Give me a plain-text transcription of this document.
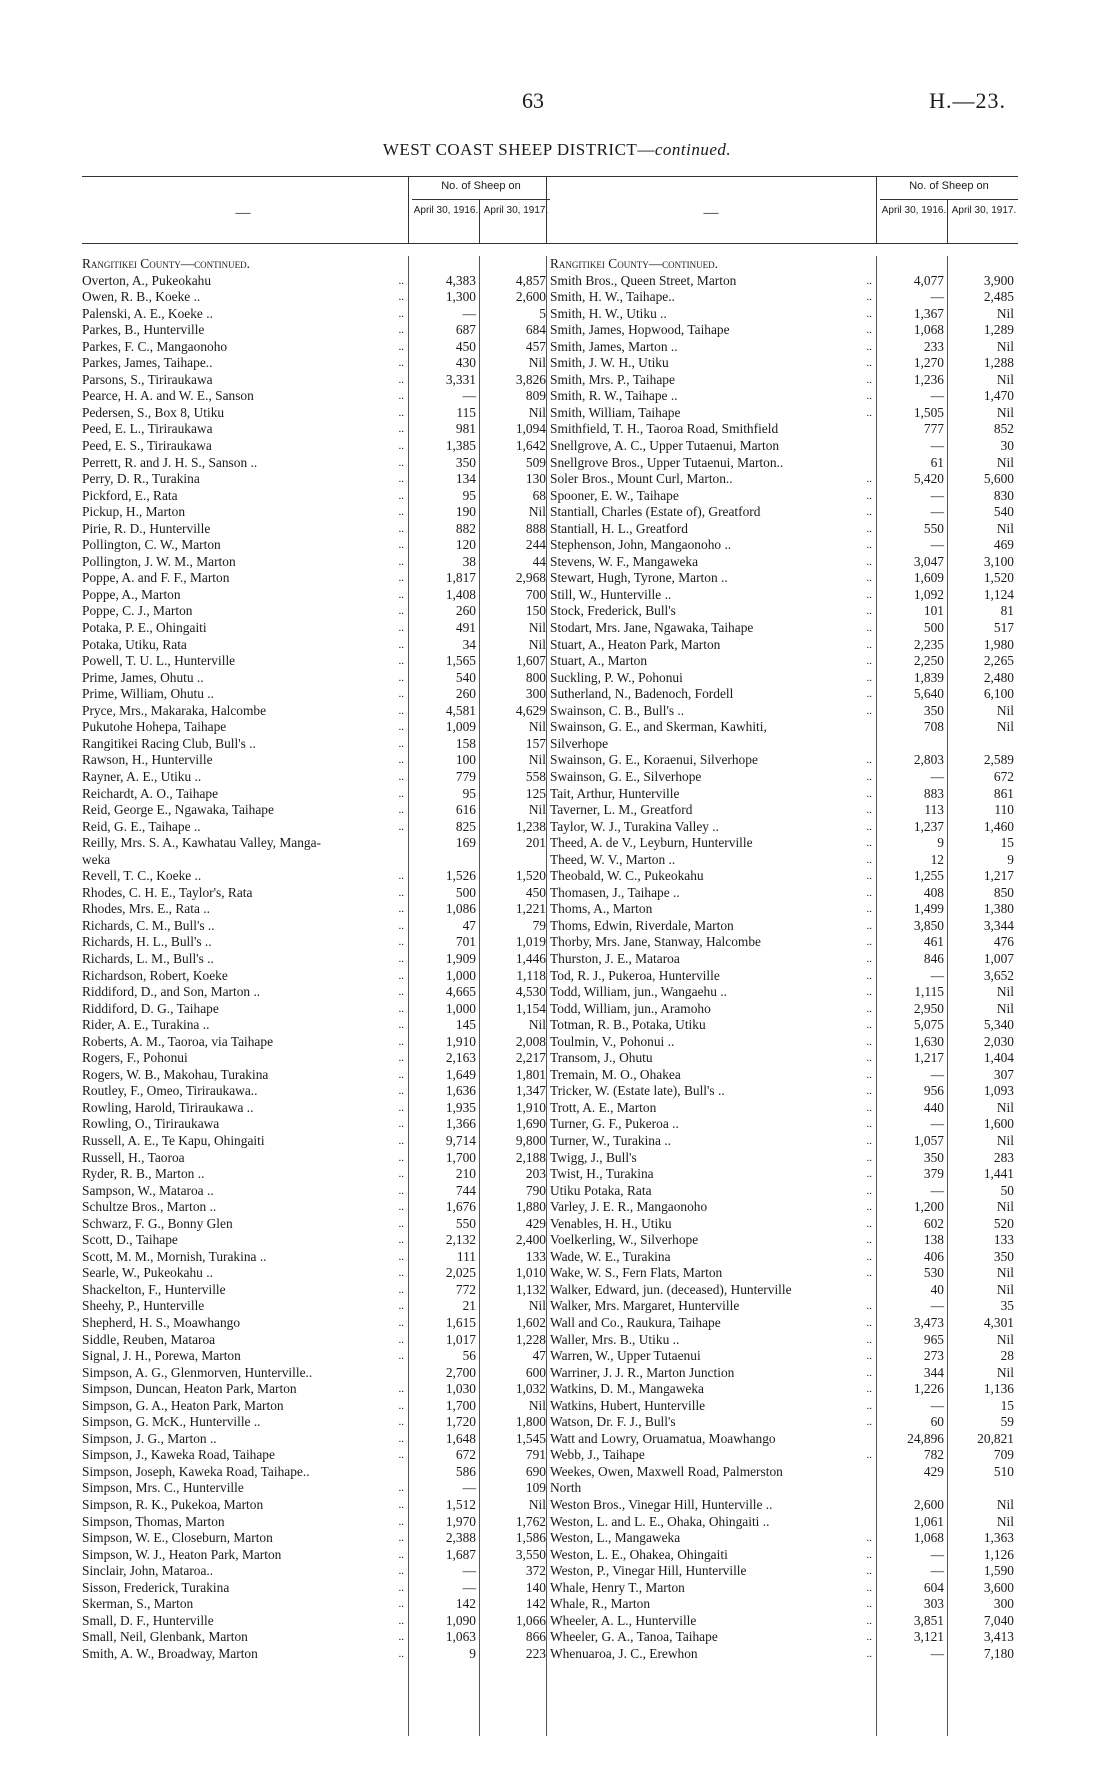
63	H.—23.
WEST COAST SHEEP DISTRICT—continued.
—
No. of Sheep on
April 30, 1916. April 30, 1917.
Rangitikei County—continued.
Overton, A., Pukeokahu	..	4,383	4,857
Owen, R. B., Koeke ..	..	1,300	2,600
Palenski, A. E., Koeke ..	..	—	5
Parkes, B., Hunterville	..	687	684
Parkes, F. C., Mangaonoho	..	450	457
Parkes, James, Taihape..	..	430	Nil
Parsons, S., Tiriraukawa	..	3,331	3,826
Pearce, H. A. and W. E., Sanson	..	—	809
Pedersen, S., Box 8, Utiku	..	115	Nil
Peed, E. L., Tiriraukawa	..	981	1,094
Peed, E. S., Tiriraukawa	..	1,385	1,642
Perrett, R. and J. H. S., Sanson ..	..	350	509
Perry, D. R., Turakina	..	134	130
Pickford, E., Rata	..	95	68
Pickup, H., Marton	..	190	Nil
Pirie, R. D., Hunterville	..	882	888
Pollington, C. W., Marton	..	120	244
Pollington, J. W. M., Marton	..	38	44
Poppe, A. and F. F., Marton	..	1,817	2,968
Poppe, A., Marton	..	1,408	700
Poppe, C. J., Marton	..	260	150
Potaka, P. E., Ohingaiti	..	491	Nil
Potaka, Utiku, Rata	..	34	Nil
Powell, T. U. L., Hunterville	..	1,565	1,607
Prime, James, Ohutu ..	..	540	800
Prime, William, Ohutu ..	..	260	300
Pryce, Mrs., Makaraka, Halcombe	..	4,581	4,629
Pukutohe Hohepa, Taihape	..	1,009	Nil
Rangitikei Racing Club, Bull's ..	..	158	157
Rawson, H., Hunterville	..	100	Nil
Rayner, A. E., Utiku ..	..	779	558
Reichardt, A. O., Taihape	..	95	125
Reid, George E., Ngawaka, Taihape	..	616	Nil
Reid, G. E., Taihape ..	..	825	1,238
Reilly, Mrs. S. A., Kawhatau Valley, Manga-	169	201
weka
Revell, T. C., Koeke ..	..	1,526	1,520
Rhodes, C. H. E., Taylor's, Rata	..	500	450
Rhodes, Mrs. E., Rata ..	..	1,086	1,221
Richards, C. M., Bull's ..	..	47	79
Richards, H. L., Bull's ..	..	701	1,019
Richards, L. M., Bull's ..	..	1,909	1,446
Richardson, Robert, Koeke	..	1,000	1,118
Riddiford, D., and Son, Marton ..	..	4,665	4,530
Riddiford, D. G., Taihape	..	1,000	1,154
Rider, A. E., Turakina ..	..	145	Nil
Roberts, A. M., Taoroa, via Taihape	..	1,910	2,008
Rogers, F., Pohonui	..	2,163	2,217
Rogers, W. B., Makohau, Turakina	..	1,649	1,801
Routley, F., Omeo, Tiriraukawa..	..	1,636	1,347
Rowling, Harold, Tiriraukawa ..	..	1,935	1,910
Rowling, O., Tiriraukawa	..	1,366	1,690
Russell, A. E., Te Kapu, Ohingaiti	..	9,714	9,800
Russell, H., Taoroa	..	1,700	2,188
Ryder, R. B., Marton ..	..	210	203
Sampson, W., Mataroa ..	..	744	790
Schultze Bros., Marton ..	..	1,676	1,880
Schwarz, F. G., Bonny Glen	..	550	429
Scott, D., Taihape	..	2,132	2,400
Scott, M. M., Mornish, Turakina ..	..	111	133
Searle, W., Pukeokahu ..	..	2,025	1,010
Shackelton, F., Hunterville	..	772	1,132
Sheehy, P., Hunterville	..	21	Nil
Shepherd, H. S., Moawhango	..	1,615	1,602
Siddle, Reuben, Mataroa	..	1,017	1,228
Signal, J. H., Porewa, Marton	..	56	47
Simpson, A. G., Glenmorven, Hunterville..	2,700	600
Simpson, Duncan, Heaton Park, Marton	..	1,030	1,032
Simpson, G. A., Heaton Park, Marton	..	1,700	Nil
Simpson, G. McK., Hunterville ..	..	1,720	1,800
Simpson, J. G., Marton ..	..	1,648	1,545
Simpson, J., Kaweka Road, Taihape	..	672	791
Simpson, Joseph, Kaweka Road, Taihape..	586	690
Simpson, Mrs. C., Hunterville	..	—	109
Simpson, R. K., Pukekoa, Marton	..	1,512	Nil
Simpson, Thomas, Marton	..	1,970	1,762
Simpson, W. E., Closeburn, Marton	..	2,388	1,586
Simpson, W. J., Heaton Park, Marton	..	1,687	3,550
Sinclair, John, Mataroa..	..	—	372
Sisson, Frederick, Turakina	..	—	140
Skerman, S., Marton	..	142	142
Small, D. F., Hunterville	..	1,090	1,066
Small, Neil, Glenbank, Marton	..	1,063	866
Smith, A. W., Broadway, Marton	..	9	223
—
No. of Sheep on
April 30, 1916. April 30, 1917.
Rangitikei County—continued.
Smith Bros., Queen Street, Marton	..	4,077	3,900
Smith, H. W., Taihape..	..	—	2,485
Smith, H. W., Utiku ..	..	1,367	Nil
Smith, James, Hopwood, Taihape	..	1,068	1,289
Smith, James, Marton ..	..	233	Nil
Smith, J. W. H., Utiku	..	1,270	1,288
Smith, Mrs. P., Taihape	..	1,236	Nil
Smith, R. W., Taihape ..	..	—	1,470
Smith, William, Taihape	..	1,505	Nil
Smithfield, T. H., Taoroa Road, Smithfield	777	852
Snellgrove, A. C., Upper Tutaenui, Marton	—	30
Snellgrove Bros., Upper Tutaenui, Marton..	61	Nil
Soler Bros., Mount Curl, Marton..	..	5,420	5,600
Spooner, E. W., Taihape	..	—	830
Stantiall, Charles (Estate of), Greatford	..	—	540
Stantiall, H. L., Greatford	..	550	Nil
Stephenson, John, Mangaonoho ..	..	—	469
Stevens, W. F., Mangaweka	..	3,047	3,100
Stewart, Hugh, Tyrone, Marton ..	..	1,609	1,520
Still, W., Hunterville ..	..	1,092	1,124
Stock, Frederick, Bull's	..	101	81
Stodart, Mrs. Jane, Ngawaka, Taihape	..	500	517
Stuart, A., Heaton Park, Marton	..	2,235	1,980
Stuart, A., Marton	..	2,250	2,265
Suckling, P. W., Pohonui	..	1,839	2,480
Sutherland, N., Badenoch, Fordell	..	5,640	6,100
Swainson, C. B., Bull's ..	..	350	Nil
Swainson, G. E., and Skerman, Kawhiti,	708	Nil
Silverhope
Swainson, G. E., Koraenui, Silverhope	..	2,803	2,589
Swainson, G. E., Silverhope	..	—	672
Tait, Arthur, Hunterville	..	883	861
Taverner, L. M., Greatford	..	113	110
Taylor, W. J., Turakina Valley ..	..	1,237	1,460
Theed, A. de V., Leyburn, Hunterville	..	9	15
Theed, W. V., Marton ..	..	12	9
Theobald, W. C., Pukeokahu	..	1,255	1,217
Thomasen, J., Taihape ..	..	408	850
Thoms, A., Marton	..	1,499	1,380
Thoms, Edwin, Riverdale, Marton	..	3,850	3,344
Thorby, Mrs. Jane, Stanway, Halcombe	..	461	476
Thurston, J. E., Mataroa	..	846	1,007
Tod, R. J., Pukeroa, Hunterville	..	—	3,652
Todd, William, jun., Wangaehu ..	..	1,115	Nil
Todd, William, jun., Aramoho	..	2,950	Nil
Totman, R. B., Potaka, Utiku	..	5,075	5,340
Toulmin, V., Pohonui ..	..	1,630	2,030
Transom, J., Ohutu	..	1,217	1,404
Tremain, M. O., Ohakea	..	—	307
Tricker, W. (Estate late), Bull's ..	..	956	1,093
Trott, A. E., Marton	..	440	Nil
Turner, G. F., Pukeroa ..	..	—	1,600
Turner, W., Turakina ..	..	1,057	Nil
Twigg, J., Bull's	..	350	283
Twist, H., Turakina	..	379	1,441
Utiku Potaka, Rata	..	—	50
Varley, J. E. R., Mangaonoho	..	1,200	Nil
Venables, H. H., Utiku	..	602	520
Voelkerling, W., Silverhope	..	138	133
Wade, W. E., Turakina	..	406	350
Wake, W. S., Fern Flats, Marton	..	530	Nil
Walker, Edward, jun. (deceased), Hunterville	40	Nil
Walker, Mrs. Margaret, Hunterville	..	—	35
Wall and Co., Raukura, Taihape	..	3,473	4,301
Waller, Mrs. B., Utiku ..	..	965	Nil
Warren, W., Upper Tutaenui	..	273	28
Warriner, J. J. R., Marton Junction	..	344	Nil
Watkins, D. M., Mangaweka	..	1,226	1,136
Watkins, Hubert, Hunterville	..	—	15
Watson, Dr. F. J., Bull's	..	60	59
Watt and Lowry, Oruamatua, Moawhango	24,896	20,821
Webb, J., Taihape	..	782	709
Weekes, Owen, Maxwell Road, Palmerston	429	510
North
Weston Bros., Vinegar Hill, Hunterville ..	2,600	Nil
Weston, L. and L. E., Ohaka, Ohingaiti ..	1,061	Nil
Weston, L., Mangaweka	..	1,068	1,363
Weston, L. E., Ohakea, Ohingaiti	..	—	1,126
Weston, P., Vinegar Hill, Hunterville	..	—	1,590
Whale, Henry T., Marton	..	604	3,600
Whale, R., Marton	..	303	300
Wheeler, A. L., Hunterville	..	3,851	7,040
Wheeler, G. A., Tanoa, Taihape	..	3,121	3,413
Whenuaroa, J. C., Erewhon	..	—	7,180
